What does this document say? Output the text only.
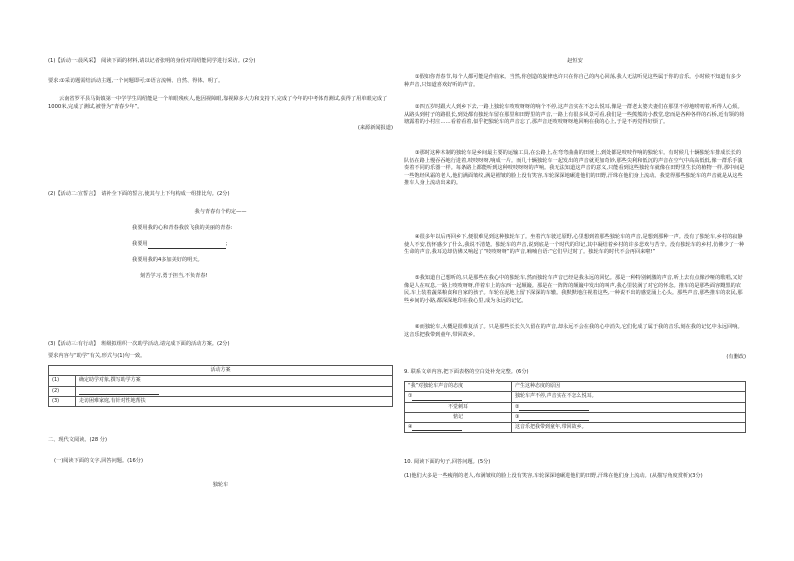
(1)【活动一:晨风采】　阅读下面的材料,请以记者张明的身份对周绍能同学进行采访。(2分)

要求:①采访题需结活动主题,一个问题即可;②语言流畅、自然、得体、明了。

云南省罗平县马街镇第一中学学生周绍能是一个单眼残疾人,他因视障眼,靠视障多大力和支持下,完成了今年的中考体育测试,获得了用单眼完成了1000米,完成了测试,被誉为“青春少年”。

(来源新闻报道)

(2)【活动二:宣誓言】　请补全下面的誓言,使其与上下句构成一组排比句。(2分)

我与青春有个约定——

我要用我的心和青春我放飞我的美丽的青春:

我要用	;

我要用我的4多加美好的明天。

刻苦学习,勇于担当,不负青春!

(3)【活动三:有行动】　班级拟组织一次助学活动,请完成下面的活动方案。(2分)

要求内容与“助学”有关,形式与(1)句一致。

活动方案	
(1)	确定助学对象,撰写助学方案
(2)	
(3)	走访困难家庭,有针对性地帮扶

二、现代文阅读。(28 分)

(一)阅读下面的文字,回答问题。(16分)

独轮车

赵恒安

①假如你青春节,每个人都可能是作曲家。当然,你创造的旋律也许只在你自己的内心回荡,我人无法听见这些属于你的音乐。小时候不知道有多少种声音,只知道喜欢好听的声音。

②四五岁时跟大人到乡下去,一路上独轮车吱吱呀呀的响个不停,这声音实在不怎么悦耳,像是一群老太婆夫妻们在那里不停地唠叨着,听得人心烦。从路头到村子的路很长,到处都有独轮车留在那里和田野里的声音,一路上有很多风景可看,我们是一些熊熊的小教堂,您而是各种各样的石桥,近有领的荷塘露着的小村庄……看着看着,似乎把独轮车的声音忘了,那声音还吱吱呀呀地回响在我的心上,于是不再觉得好烦了。

③那时这种木制的独轮车是乡间最主要的运输工具,在公路上,在弯弯曲曲的田埂上,到处都是吱吱作响的独轮车。有时候几十辆独轮车排成长长的队伍在路上慢吞吞地行进着,吱吱呀呀,响成一片。而几十辆独轮车一起发出的声音就更加奇妙,那些尖利和低沉的声音在空气中高高低低,像一群乐手演奏着不同的乐器一样。每条路上都能听到这种吱吱呀呀的声响。我无法知道这声音的意义,只能看到这些独轮车就像在田野里生长的植物一样,那中间是一些饱经风霜的老人,他们满面皱纹,满是褶皱的脸上没有笑容,车轮深深地碾进他们的田野,汗珠在他们身上流动。我觉得那些独轮车的声音就是从这些推车人身上流动出来的。

④很多年以后再回乡下,便很难见到这种独轮车了。坐着汽车驶过原野,心里想到着那些独轮车的声音,是想到那种一声。没有了独轮车,乡村的寂静使人不安,伤怀感少了什么,我说不清楚。独轮车的声音,说到底是一个时代的印记,其中凝结着乡村的许多悲欢与苦辛。没有独轮车的乡村,仿佛少了一种生命的声音,我耳边却仿佛又响起了“吱吱呀呀”的声音,喃喃自语:“它们早过时了。独轮车的时代不会再回来啦!”

⑤我知道自己想听的,只是那些在我心中的独轮车,然而独轮车声音已经是我永远的回忆。那是一种特别刺激的声音,听上去有点像沙哑的歌唱,又好像是人在叹息,一路上吱吱呀呀,伴着车上的东西一起颠簸。那是在一阵阵的颠簸中发出的叫声,我心里装满了对它的怀念。推车的是那些面容黝黑的农民,车上装着蔬菜粮食和自家的孩子。车轮在泥地上留下深深的车辙。我默默地注视着这些,一种说不出的感觉涌上心头。那些声音,那些推车的农民,那些乡间的小路,都深深地印在我心里,成为永远的记忆。

⑥而独轮车,大概是很难复活了。只是那些长长久久留在的声音,却永远不会在我的心中消失,它们化成了属于我的音乐,刻在我的记忆中永远回响。这音乐把我带到童年,带回故乡。

(有删改)

9. 联系文章内容,把下面表格的空白处补充完整。(6分)

“我”对独轮车声音的态度	产生这种态度的原因
①	独轮车声不停,声音实在不怎么悦耳。
不觉刺耳	②
惦记	③
④	这音乐把我带到童年,带回故乡。

10. 阅读下面的句子,回答问题。(5分)

(1)他们大多是一些瘦削的老人,布满皱纹的脸上没有笑容,车轮深深地碾进他们的田野,汗珠在他们身上流动。(从描写角度赏析)(3分)
